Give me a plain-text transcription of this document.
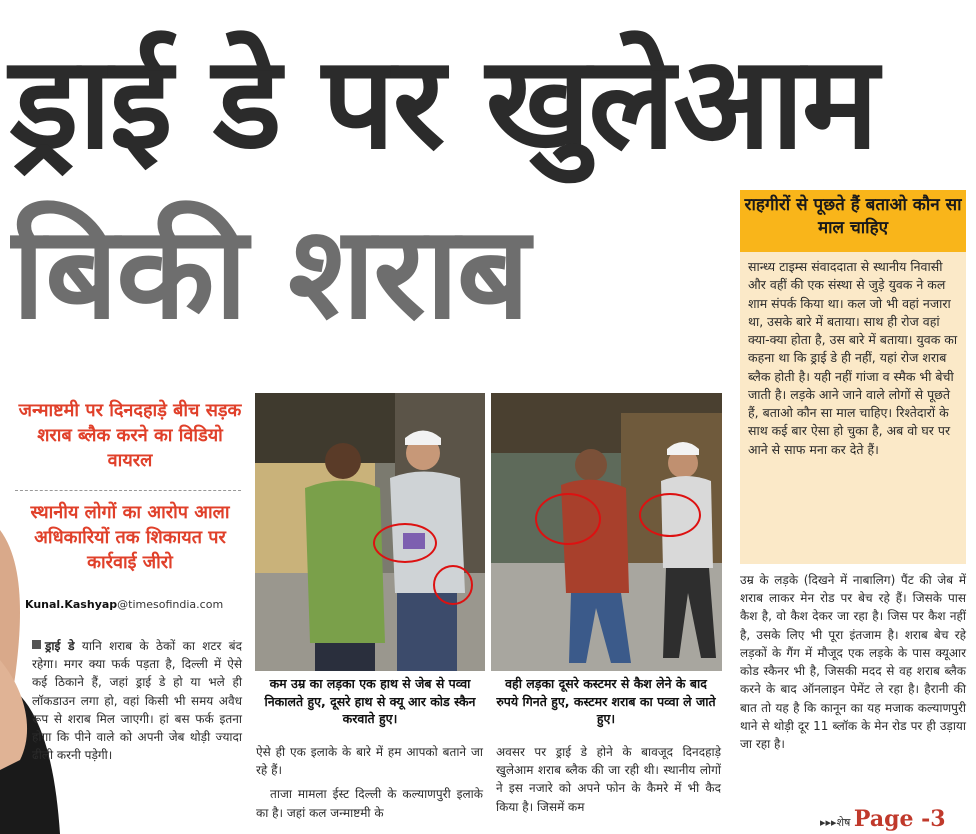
ड्राई डे पर खुलेआम
बिकी शराब	राहगीरों से पूछते हैं बताओ कौन सा माल चाहिए
सान्ध्य टाइम्स संवाददाता से स्थानीय निवासी और वहीं की एक संस्था से जुड़े युवक ने कल शाम संपर्क किया था। कल जो भी वहां नजारा था, उसके बारे में बताया। साथ ही रोज वहां क्या-क्या होता है, उस बारे में बताया। युवक का कहना था कि ड्राई डे ही नहीं, यहां रोज शराब ब्लैक होती है। यही नहीं गांजा व स्मैक भी बेची जाती है। लड़के आने जाने वाले लोगों से पूछते हैं, बताओ कौन सा माल चाहिए। रिश्तेदारों के साथ कई बार ऐसा हो चुका है, अब वो घर पर आने से साफ मना कर देते हैं।
जन्माष्टमी पर दिनदहाड़े बीच सड़क शराब ब्लैक करने का विडियो वायरल
स्थानीय लोगों का आरोप आला अधिकारियों तक शिकायत पर कार्रवाई जीरो
Kunal.Kashyap@timesofindia.com
कम उम्र का लड़का एक हाथ से जेब से पव्वा निकालते हुए, दूसरे हाथ से क्यू आर कोड स्कैन करवाते हुए।
वही लड़का दूसरे कस्टमर से कैश लेने के बाद रुपये गिनते हुए, कस्टमर शराब का पव्वा ले जाते हुए।
ड्राई डे यानि शराब के ठेकों का शटर बंद रहेगा। मगर क्या फर्क पड़ता है, दिल्ली में ऐसे कई ठिकाने हैं, जहां ड्राई डे हो या भले ही लॉकडाउन लगा हो, वहां किसी भी समय अवैध रूप से शराब मिल जाएगी। हां बस फर्क इतना होगा कि पीने वाले को अपनी जेब थोड़ी ज्यादा ढीली करनी पड़ेगी।	ऐसे ही एक इलाके के बारे में हम आपको बताने जा रहे हैं।
ताजा मामला ईस्ट दिल्ली के कल्याणपुरी इलाके का है। जहां कल जन्माष्टमी के
अवसर पर ड्राई डे होने के बावजूद दिनदहाड़े खुलेआम शराब ब्लैक की जा रही थी। स्थानीय लोगों ने इस नजारे को अपने फोन के कैमरे में भी कैद किया है। जिसमें कम
उम्र के लड़के (दिखने में नाबालिग) पैंट की जेब में शराब लाकर मेन रोड पर बेच रहे हैं। जिसके पास कैश है, वो कैश देकर जा रहा है। जिस पर कैश नहीं है, उसके लिए भी पूरा इंतजाम है। शराब बेच रहे लड़कों के गैंग में मौजूद एक लड़के के पास क्यूआर कोड स्कैनर भी है, जिसकी मदद से वह शराब ब्लैक करने के बाद ऑनलाइन पेमेंट ले रहा है। हैरानी की बात तो यह है कि कानून का यह मजाक कल्याणपुरी थाने से थोड़ी दूर 11 ब्लॉक के मेन रोड पर ही उड़ाया जा रहा है।
▸▸▸शेष Page -3
